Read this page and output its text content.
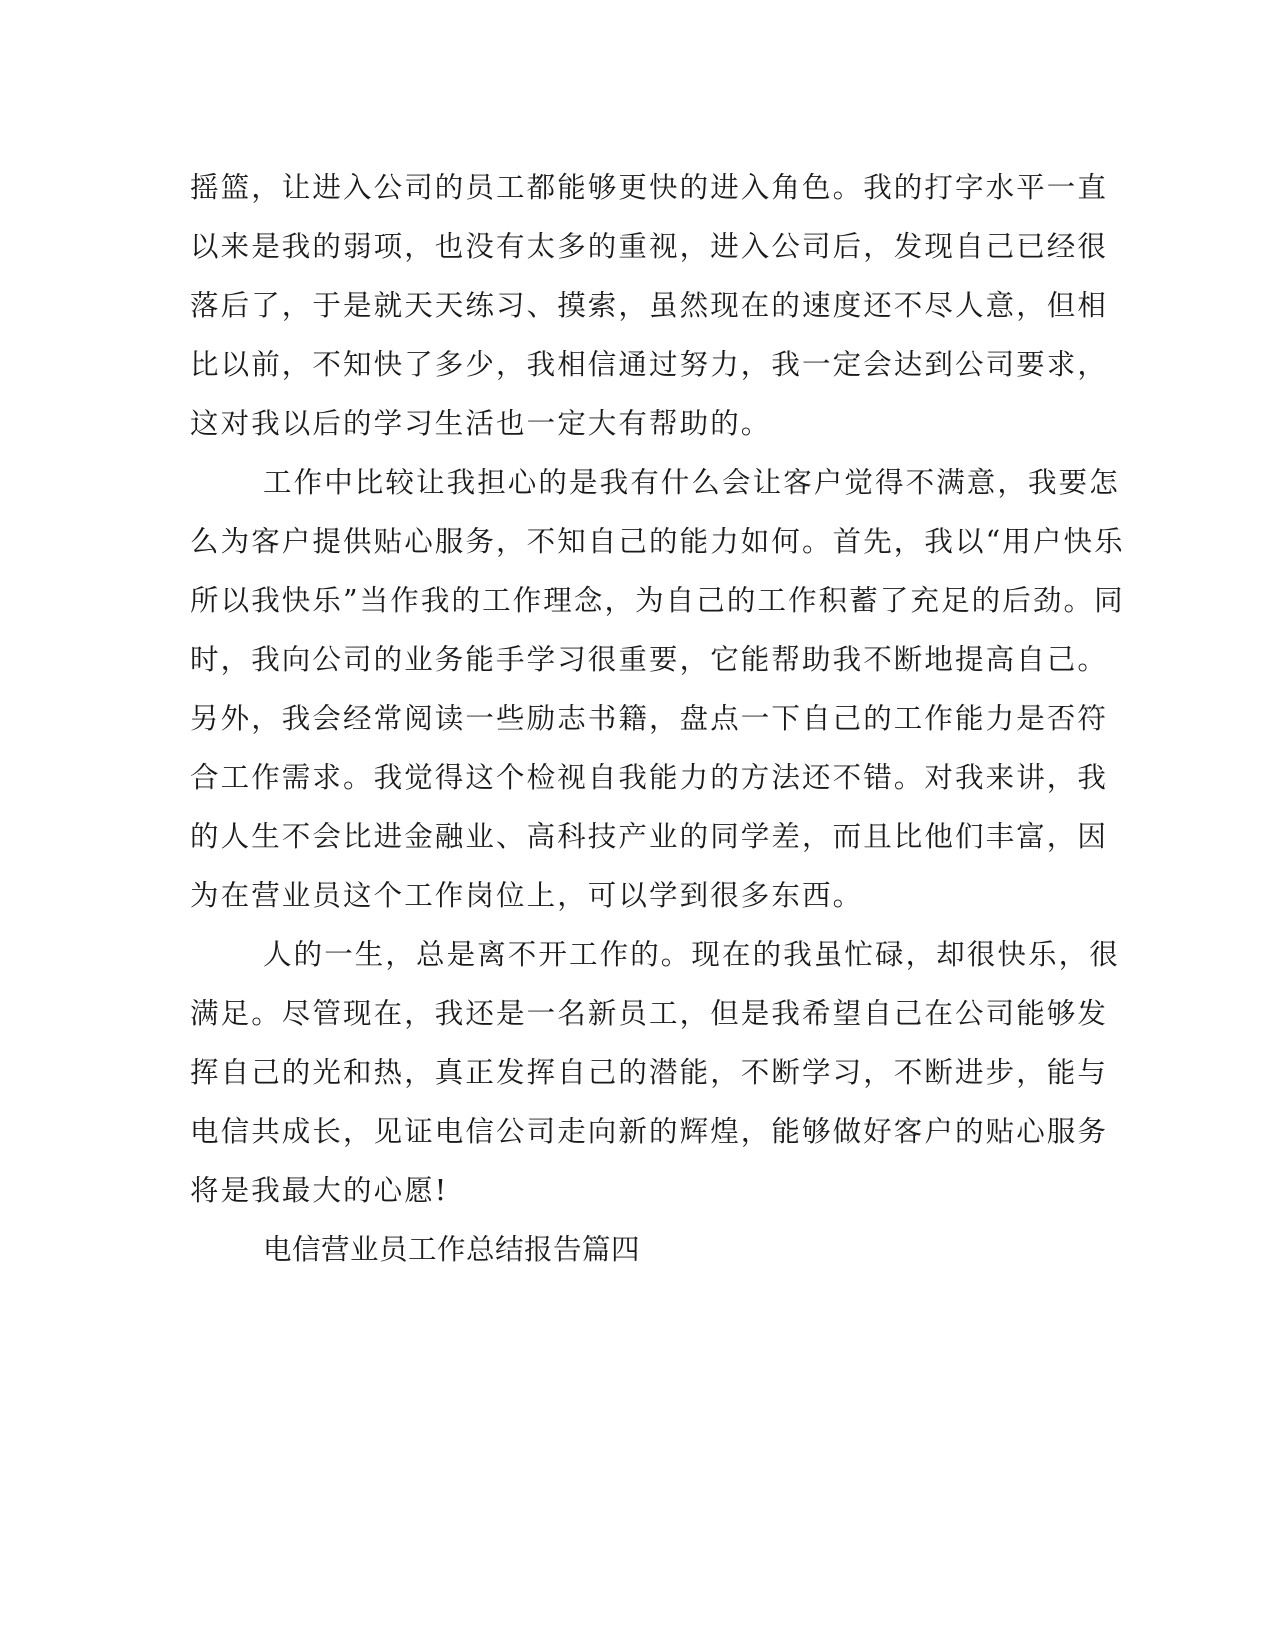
摇篮，让进入公司的员工都能够更快的进入角色。我的打字水平一直
以来是我的弱项，也没有太多的重视，进入公司后，发现自己已经很
落后了，于是就天天练习、摸索，虽然现在的速度还不尽人意，但相
比以前，不知快了多少，我相信通过努力，我一定会达到公司要求，
这对我以后的学习生活也一定大有帮助的。
工作中比较让我担心的是我有什么会让客户觉得不满意，我要怎
么为客户提供贴心服务，不知自己的能力如何。首先，我以“用户快乐
所以我快乐”当作我的工作理念，为自己的工作积蓄了充足的后劲。同
时，我向公司的业务能手学习很重要，它能帮助我不断地提高自己。
另外，我会经常阅读一些励志书籍，盘点一下自己的工作能力是否符
合工作需求。我觉得这个检视自我能力的方法还不错。对我来讲，我
的人生不会比进金融业、高科技产业的同学差，而且比他们丰富，因
为在营业员这个工作岗位上，可以学到很多东西。
人的一生，总是离不开工作的。现在的我虽忙碌，却很快乐，很
满足。尽管现在，我还是一名新员工，但是我希望自己在公司能够发
挥自己的光和热，真正发挥自己的潜能，不断学习，不断进步，能与
电信共成长，见证电信公司走向新的辉煌，能够做好客户的贴心服务
将是我最大的心愿!
电信营业员工作总结报告篇四
